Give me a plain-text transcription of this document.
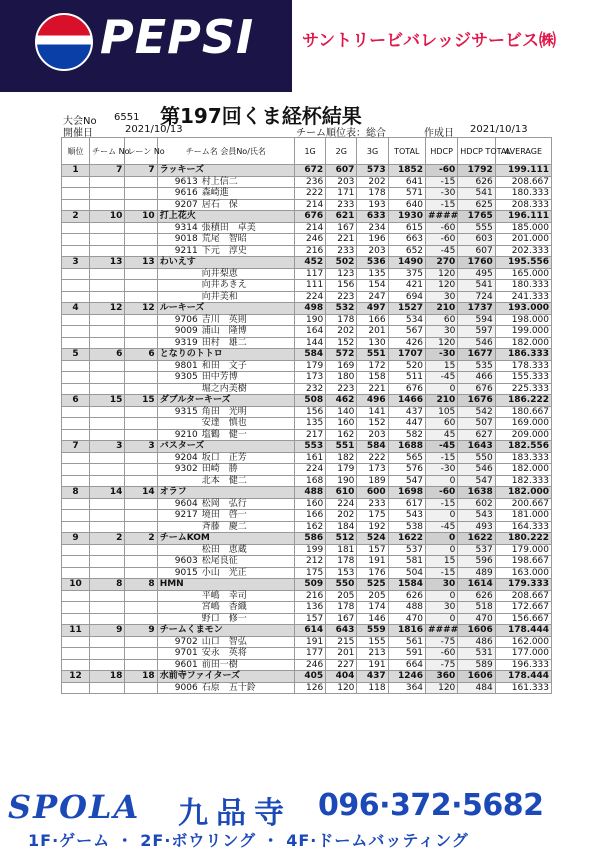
PEPSI	サントリービバレッジサービス㈱
大会No 6551
開催日	2021/10/13
第197回くま経杯結果
チーム順位表：総合	作成日 2021/10/13
順位	チーム No	レーン No	チーム名 会員No/氏名	1G	2G	3G	TOTAL	HDCP	HDCP TOTAL	AVERAGE
1	7	7	ラッキーズ	672	607	573	1852	-60	1792	199.111
			9613 村上信二	236	203	202	641	-15	626	208.667
			9616 森崎進	222	171	178	571	-30	541	180.333
			9207 居石　保	214	233	193	640	-15	625	208.333
2	10	10	打上花火	676	621	633	1930	####	1765	196.111
			9314 張積田　卓美	214	167	234	615	-60	555	185.000
			9018 荒尾　智昭	246	221	196	663	-60	603	201.000
			9211 下元　淳史	216	233	203	652	-45	607	202.333
3	13	13	わいえす	452	502	536	1490	270	1760	195.556
			向井梨恵	117	123	135	375	120	495	165.000
			向井あきえ	111	156	154	421	120	541	180.333
			向井美和	224	223	247	694	30	724	241.333
4	12	12	ルーキーズ	498	532	497	1527	210	1737	193.000
			9706 吉川　英則	190	178	166	534	60	594	198.000
			9009 浦山　隆博	164	202	201	567	30	597	199.000
			9319 田村　雄二	144	152	130	426	120	546	182.000
5	6	6	となりのトトロ	584	572	551	1707	-30	1677	186.333
			9801 和田　文子	179	169	172	520	15	535	178.333
			9305 田中芳博	173	180	158	511	-45	466	155.333
			堀之内美樹	232	223	221	676	0	676	225.333
6	15	15	ダブルターキーズ	508	462	496	1466	210	1676	186.222
			9315 角田　光明	156	140	141	437	105	542	180.667
			安達　慎也	135	160	152	447	60	507	169.000
			9210 塩鶴　健一	217	162	203	582	45	627	209.000
7	3	3	バスターズ	553	551	584	1688	-45	1643	182.556
			9204 坂口　正芳	161	182	222	565	-15	550	183.333
			9302 田崎　勝	224	179	173	576	-30	546	182.000
			北本　健二	168	190	189	547	0	547	182.333
8	14	14	オラフ	488	610	600	1698	-60	1638	182.000
			9604 松岡　弘行	160	224	233	617	-15	602	200.667
			9217 境田　啓一	166	202	175	543	0	543	181.000
			斉藤　慶二	162	184	192	538	-45	493	164.333
9	2	2	チームKOM	586	512	524	1622	0	1622	180.222
			松田　恵蔵	199	181	157	537	0	537	179.000
			9603 松尾良征	212	178	191	581	15	596	198.667
			9015 小山　光正	175	153	176	504	-15	489	163.000
10	8	8	HMN	509	550	525	1584	30	1614	179.333
			平嶋　幸司	216	205	205	626	0	626	208.667
			宮嶋　香織	136	178	174	488	30	518	172.667
			野口　修一	157	167	146	470	0	470	156.667
11	9	9	チームくまモン	614	643	559	1816	####	1606	178.444
			9702 山口　智弘	191	215	155	561	-75	486	162.000
			9701 安永　英将	177	201	213	591	-60	531	177.000
			9601 前田一樹	246	227	191	664	-75	589	196.333
12	18	18	水前寺ファイターズ	405	404	437	1246	360	1606	178.444
			9006 石原　五十鈴	126	120	118	364	120	484	161.333
SPOLA 九品寺 096·372·5682
1F·ゲーム ・ 2F·ボウリング ・ 4F·ドームバッティング
